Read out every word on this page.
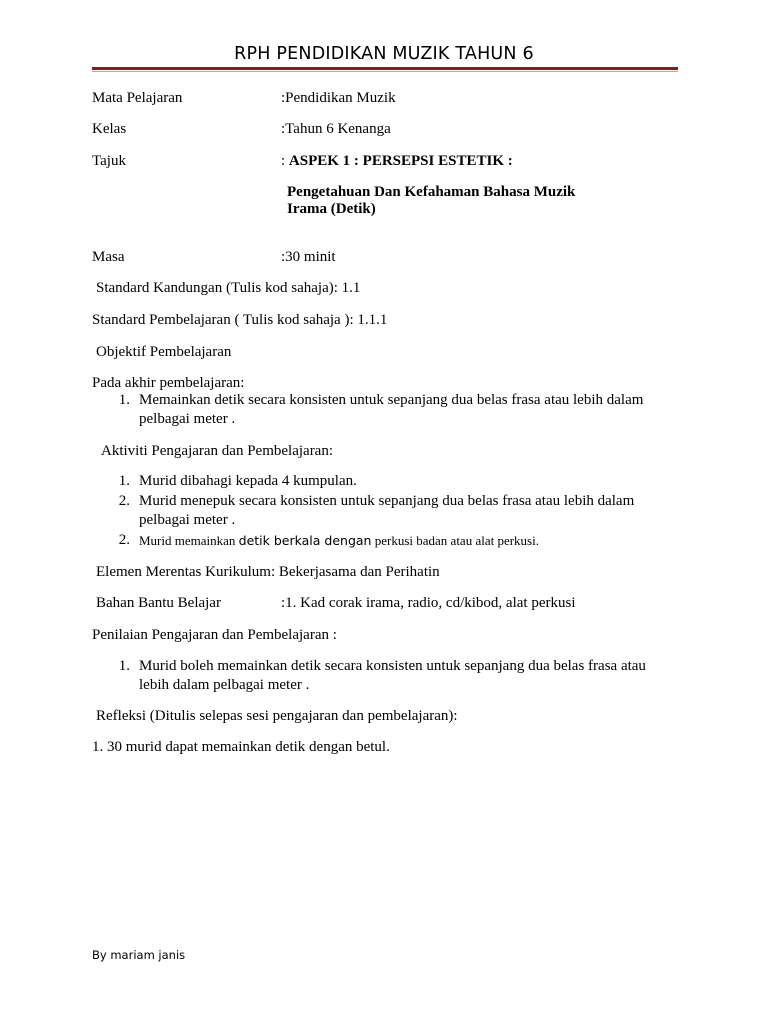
RPH PENDIDIKAN MUZIK TAHUN 6
Mata Pelajaran	:Pendidikan Muzik
Kelas	:Tahun 6 Kenanga
Tajuk	: ASPEK 1 : PERSEPSI ESTETIK :
Pengetahuan Dan Kefahaman Bahasa Muzik
Irama (Detik)
Masa	:30 minit
Standard Kandungan (Tulis kod sahaja): 1.1
Standard Pembelajaran ( Tulis kod sahaja ): 1.1.1
Objektif Pembelajaran
Pada akhir pembelajaran:
1. Memainkan detik secara konsisten untuk sepanjang dua belas frasa atau lebih dalam
pelbagai meter .
Aktiviti Pengajaran dan Pembelajaran:
1. Murid dibahagi kepada 4 kumpulan.
2. Murid menepuk secara konsisten untuk sepanjang dua belas frasa atau lebih dalam
pelbagai meter .
2. Murid memainkan detik berkala dengan perkusi badan atau alat perkusi.
Elemen Merentas Kurikulum: Bekerjasama dan Perihatin
Bahan Bantu Belajar	:1. Kad corak irama, radio, cd/kibod, alat perkusi
Penilaian Pengajaran dan Pembelajaran :
1. Murid boleh memainkan detik secara konsisten untuk sepanjang dua belas frasa atau
lebih dalam pelbagai meter .
Refleksi (Ditulis selepas sesi pengajaran dan pembelajaran):
1. 30 murid dapat memainkan detik dengan betul.
By mariam janis
